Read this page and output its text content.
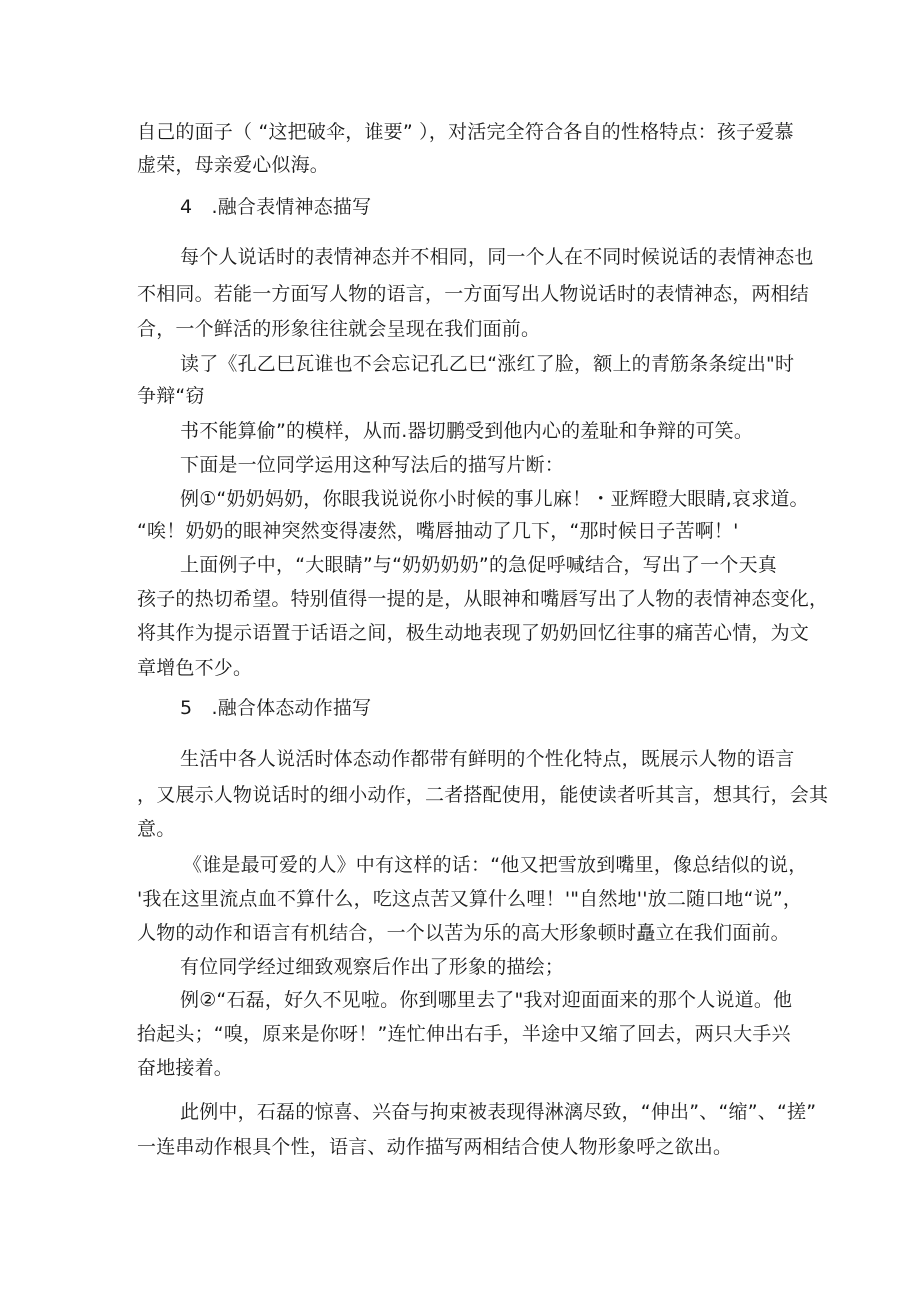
自己的面子（ “这把破伞，谁要” ），对活完全符合各自的性格特点：孩子爱慕
虚荣，母亲爱心似海。
4　.融合表情神态描写
每个人说话时的表情神态并不相同，同一个人在不同时候说话的表情神态也
不相同。若能一方面写人物的语言，一方面写出人物说话时的表情神态，两相结
合，一个鲜活的形象往往就会呈现在我们面前。
读了《孔乙巳瓦谁也不会忘记孔乙巳“涨红了脸，额上的青筋条条绽出"时
争辩“窃
书不能算偷”的模样，从而.器切鹏受到他内心的羞耻和争辩的可笑。
下面是一位同学运用这种写法后的描写片断：
例①“奶奶妈奶，你眼我说说你小时候的事儿麻！・亚辉瞪大眼睛,哀求道。
“唉！奶奶的眼神突然变得凄然，嘴唇抽动了几下，“那时候日子苦啊！'
上面例子中，“大眼睛”与“奶奶奶奶”的急促呼喊结合，写出了一个天真
孩子的热切希望。特别值得一提的是，从眼神和嘴唇写出了人物的表情神态变化，
将其作为提示语置于话语之间，极生动地表现了奶奶回忆往事的痛苦心情，为文
章增色不少。
5　.融合体态动作描写
生活中各人说活时体态动作都带有鲜明的个性化特点，既展示人物的语言
，又展示人物说话时的细小动作，二者搭配使用，能使读者听其言，想其行，会其
意。
《谁是最可爱的人》中有这样的话：“他又把雪放到嘴里，像总结似的说，
'我在这里流点血不算什么，吃这点苦又算什么哩！'"自然地''放二随口地“说”，
人物的动作和语言有机结合，一个以苦为乐的高大形象顿时矗立在我们面前。
有位同学经过细致观察后作出了形象的描绘；
例②“石磊，好久不见啦。你到哪里去了"我对迎面面来的那个人说道。他
抬起头；“嗅，原来是你呀！”连忙伸出右手，半途中又缩了回去，两只大手兴
奋地接着。
此例中，石磊的惊喜、兴奋与拘束被表现得淋漓尽致，“伸出”、“缩”、“搓”
一连串动作根具个性，语言、动作描写两相结合使人物形象呼之欲出。
